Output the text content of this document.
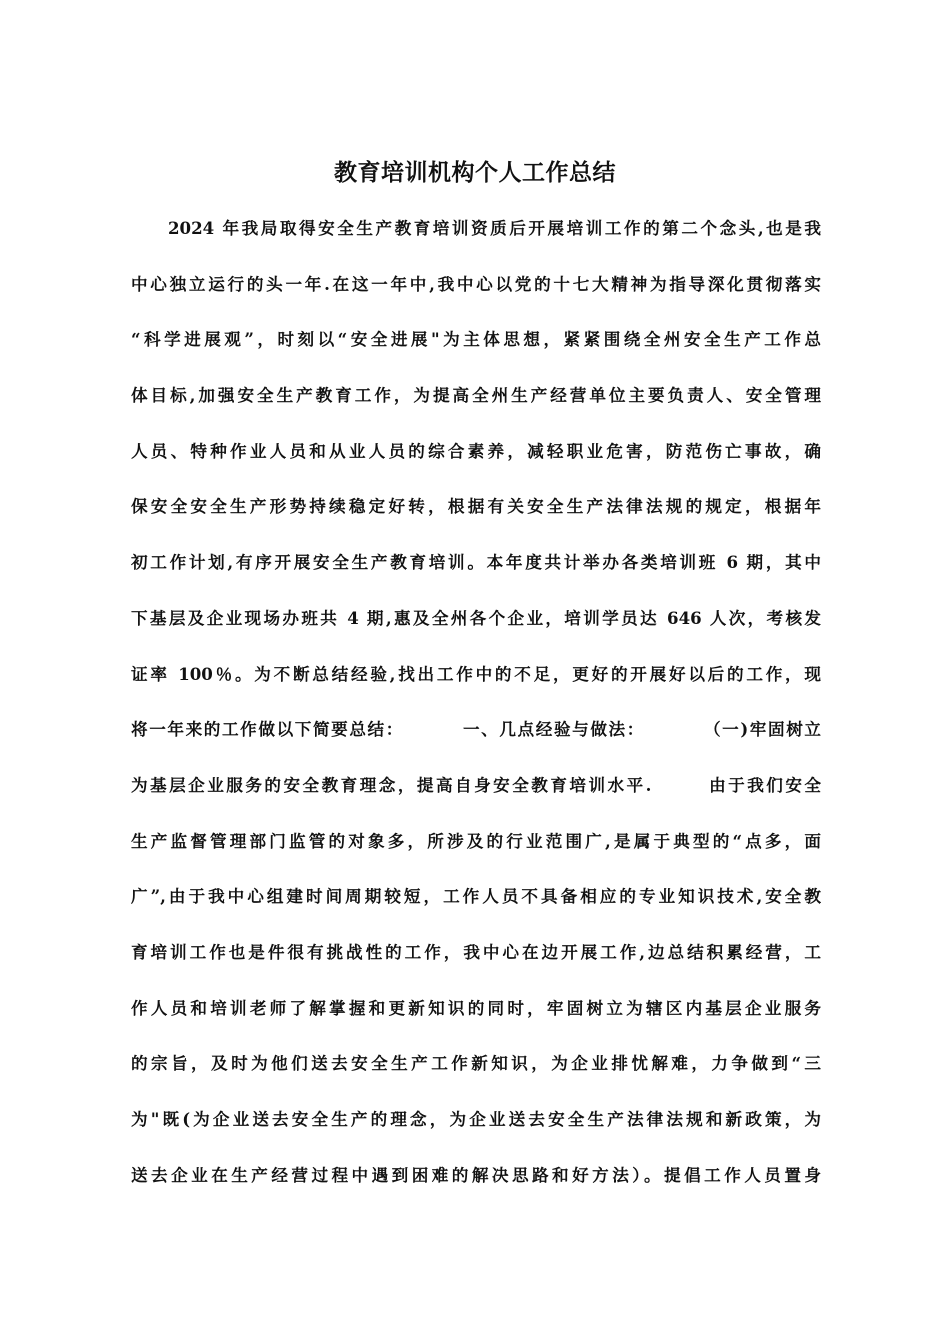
教育培训机构个人工作总结
2024 年我局取得安全生产教育培训资质后开展培训工作的第二个念头,也是我
中心独立运行的头一年.在这一年中,我中心以党的十七大精神为指导深化贯彻落实
“科学进展观”，时刻以“安全进展"为主体思想，紧紧围绕全州安全生产工作总
体目标,加强安全生产教育工作，为提高全州生产经营单位主要负责人、安全管理
人员、特种作业人员和从业人员的综合素养，减轻职业危害，防范伤亡事故，确
保安全安全生产形势持续稳定好转，根据有关安全生产法律法规的规定，根据年
初工作计划,有序开展安全生产教育培训。本年度共计举办各类培训班 6 期，其中
下基层及企业现场办班共 4 期,惠及全州各个企业，培训学员达 646 人次，考核发
证率 100％。为不断总结经验,找出工作中的不足，更好的开展好以后的工作，现
将一年来的工作做以下简要总结：        一、几点经验与做法：        （一)牢固树立
为基层企业服务的安全教育理念，提高自身安全教育培训水平.       由于我们安全
生产监督管理部门监管的对象多，所涉及的行业范围广,是属于典型的“点多，面
广”,由于我中心组建时间周期较短，工作人员不具备相应的专业知识技术,安全教
育培训工作也是件很有挑战性的工作，我中心在边开展工作,边总结积累经营，工
作人员和培训老师了解掌握和更新知识的同时，牢固树立为辖区内基层企业服务
的宗旨，及时为他们送去安全生产工作新知识，为企业排忧解难，力争做到“三
为"既(为企业送去安全生产的理念，为企业送去安全生产法律法规和新政策，为
送去企业在生产经营过程中遇到困难的解决思路和好方法）。提倡工作人员置身
